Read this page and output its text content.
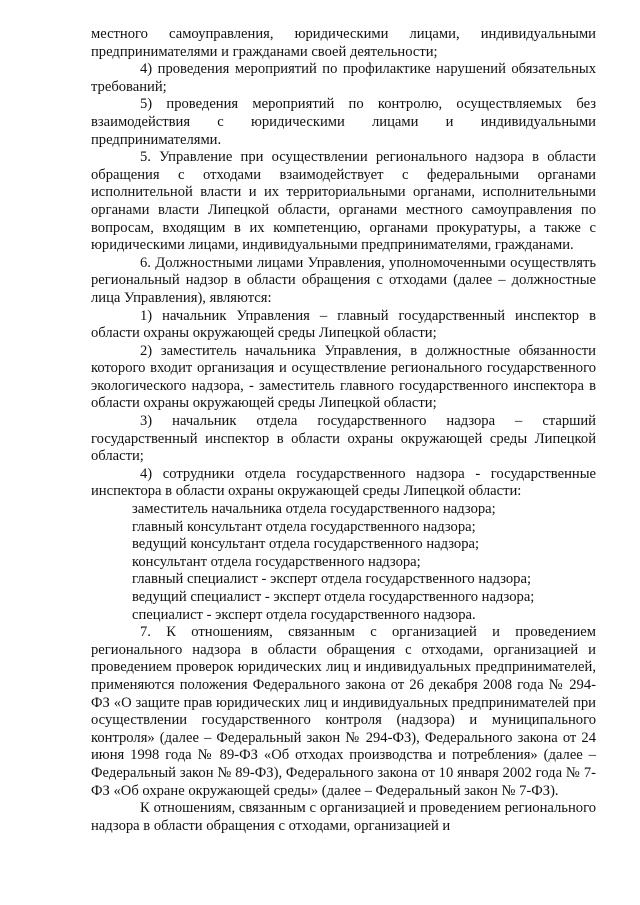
местного самоуправления, юридическими лицами, индивидуальными предпринимателями и гражданами своей деятельности;

4) проведения мероприятий по профилактике нарушений обязательных требований;

5) проведения мероприятий по контролю, осуществляемых без взаимодействия с юридическими лицами и индивидуальными предпринимателями.

5. Управление при осуществлении регионального надзора в области обращения с отходами взаимодействует с федеральными органами исполнительной власти и их территориальными органами, исполнительными органами власти Липецкой области, органами местного самоуправления по вопросам, входящим в их компетенцию, органами прокуратуры, а также с юридическими лицами, индивидуальными предпринимателями, гражданами.

6. Должностными лицами Управления, уполномоченными осуществлять региональный надзор в области обращения с отходами (далее – должностные лица Управления), являются:

1) начальник Управления – главный государственный инспектор в области охраны окружающей среды Липецкой области;

2) заместитель начальника Управления, в должностные обязанности которого входит организация и осуществление регионального государственного экологического надзора, - заместитель главного государственного инспектора в области охраны окружающей среды Липецкой области;

3) начальник отдела государственного надзора – старший государственный инспектор в области охраны окружающей среды Липецкой области;

4) сотрудники отдела государственного надзора - государственные инспектора в области охраны окружающей среды Липецкой области:

заместитель начальника отдела государственного надзора;

главный консультант отдела государственного надзора;

ведущий консультант отдела государственного надзора;

консультант отдела государственного надзора;

главный специалист - эксперт отдела государственного надзора;

ведущий специалист - эксперт отдела государственного надзора;

специалист - эксперт отдела государственного надзора.

7. К отношениям, связанным с организацией и проведением регионального надзора в области обращения с отходами, организацией и проведением проверок юридических лиц и индивидуальных предпринимателей, применяются положения Федерального закона от 26 декабря 2008 года № 294-ФЗ «О защите прав юридических лиц и индивидуальных предпринимателей при осуществлении государственного контроля (надзора) и муниципального контроля» (далее – Федеральный закон № 294-ФЗ), Федерального закона от 24 июня 1998 года № 89-ФЗ «Об отходах производства и потребления» (далее – Федеральный закон № 89-ФЗ), Федерального закона от 10 января 2002 года № 7-ФЗ «Об охране окружающей среды» (далее – Федеральный закон № 7-ФЗ).

К отношениям, связанным с организацией и проведением регионального надзора в области обращения с отходами, организацией и
